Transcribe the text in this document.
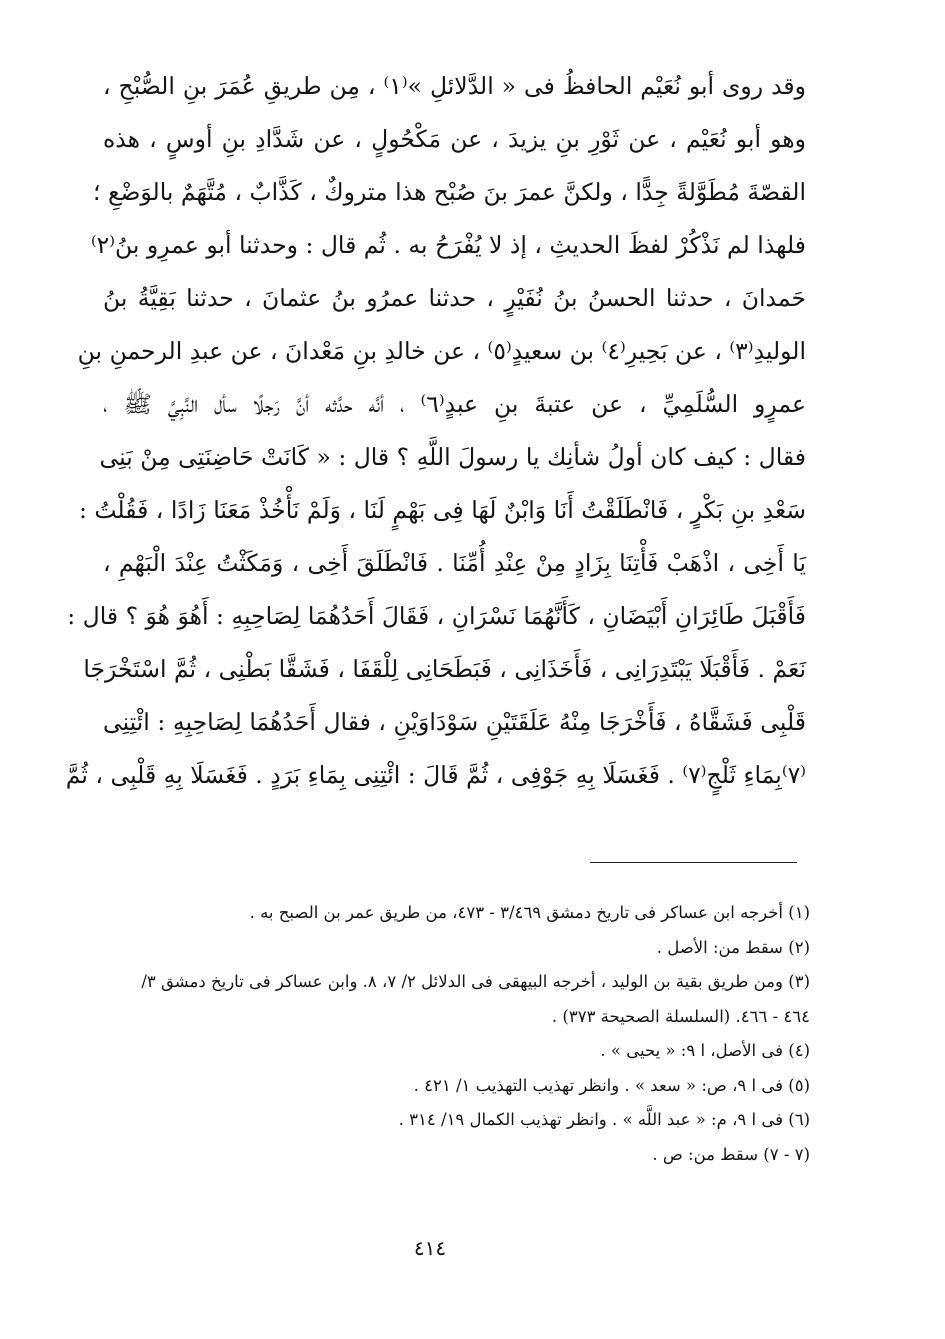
وقد روى أبو نُعَيْم الحافظُ فى « الدَّلائلِ »⁽١⁾ ، مِن طريقِ عُمَرَ بنِ الصُّبْحِ ،
وهو أبو نُعَيْم ، عن ثَوْرِ بنِ يزيدَ ، عن مَكْحُولٍ ، عن شَدَّادِ بنِ أوسٍ ، هذه
القصّةَ مُطَوَّلةً جِدًّا ، ولكنَّ عمرَ بنَ صُبْح هذا متروكٌ ، كَذَّابٌ ، مُتَّهَمٌ بالوَضْعِ ؛
فلهذا لم نَذْكُرْ لفظَ الحديثِ ، إذ لا يُفْرَحُ به . ثُم قال : وحدثنا أبو عمرِو بنُ⁽٢⁾
حَمدانَ ، حدثنا الحسنُ بنُ نُفَيْرٍ ، حدثنا عمرُو بنُ عثمانَ ، حدثنا بَقِيَّةُ بنُ
الوليدِ⁽٣⁾ ، عن بَحِيرِ⁽٤⁾ بن سعيدٍ⁽٥⁾ ، عن خالدِ بنِ مَعْدانَ ، عن عبدِ الرحمنِ بنِ
عمرٍو السُّلَمِيِّ ، عن عتبةَ بنِ عبدٍ⁽٦⁾ ، أنَّه حدَّثه أنَّ رَجلًا سأل النَّبِيَّ ﷺ ،
فقال : كيف كان أولُ شأنِك يا رسولَ اللَّهِ ؟ قال : « كَانَتْ حَاضِنَتِى مِنْ بَنِى
سَعْدِ بنِ بَكْرٍ ، فَانْطَلَقْتُ أَنَا وَابْنٌ لَهَا فِى بَهْمٍ لَنَا ، وَلَمْ نَأْخُذْ مَعَنَا زَادًا ، فَقُلْتُ :
يَا أَخِى ، اذْهَبْ فَأْتِنَا بِزَادٍ مِنْ عِنْدِ أُمِّنَا . فَانْطَلَقَ أَخِى ، وَمَكَثْتُ عِنْدَ الْبَهْمِ ،
فَأَقْبَلَ طَائِرَانِ أَبْيَضَانِ ، كَأَنَّهُمَا نَسْرَانِ ، فَقَالَ أَحَدُهُمَا لِصَاحِبِهِ : أَهُوَ هُوَ ؟ قال :
نَعَمْ . فَأَقْبَلَا يَبْتَدِرَانِى ، فَأَخَذَانِى ، فَبَطَحَانِى لِلْقَفَا ، فَشَقَّا بَطْنِى ، ثُمَّ اسْتَخْرَجَا
قَلْبِى فَشَقَّاهُ ، فَأَخْرَجَا مِنْهُ عَلَقَتَيْنِ سَوْدَاوَيْنِ ، فقال أَحَدُهُمَا لِصَاحِبِهِ : ائْتِنِى
⁽٧⁾بِمَاءِ ثَلْجٍ⁽٧⁾ . فَغَسَلَا بِهِ جَوْفِى ، ثُمَّ قَالَ : ائْتِنِى بِمَاءِ بَرَدٍ . فَغَسَلَا بِهِ قَلْبِى ، ثُمَّ
(١) أخرجه ابن عساكر فى تاريخ دمشق ٣/٤٦٩ - ٤٧٣، من طريق عمر بن الصبح به .
(٢) سقط من: الأصل .
(٣) ومن طريق بقية بن الوليد ، أخرجه البيهقى فى الدلائل ٢/ ٧، ٨. وابن عساكر فى تاريخ دمشق ٣/
٤٦٤ - ٤٦٦. (السلسلة الصحيحة ٣٧٣) .
(٤) فى الأصل، ا ٩: « يحيى » .
(٥) فى ا ٩، ص: « سعد » . وانظر تهذيب التهذيب ١/ ٤٢١ .
(٦) فى ا ٩، م: « عبد اللَّه » . وانظر تهذيب الكمال ١٩/ ٣١٤ .
(٧ - ٧) سقط من: ص .
٤١٤
